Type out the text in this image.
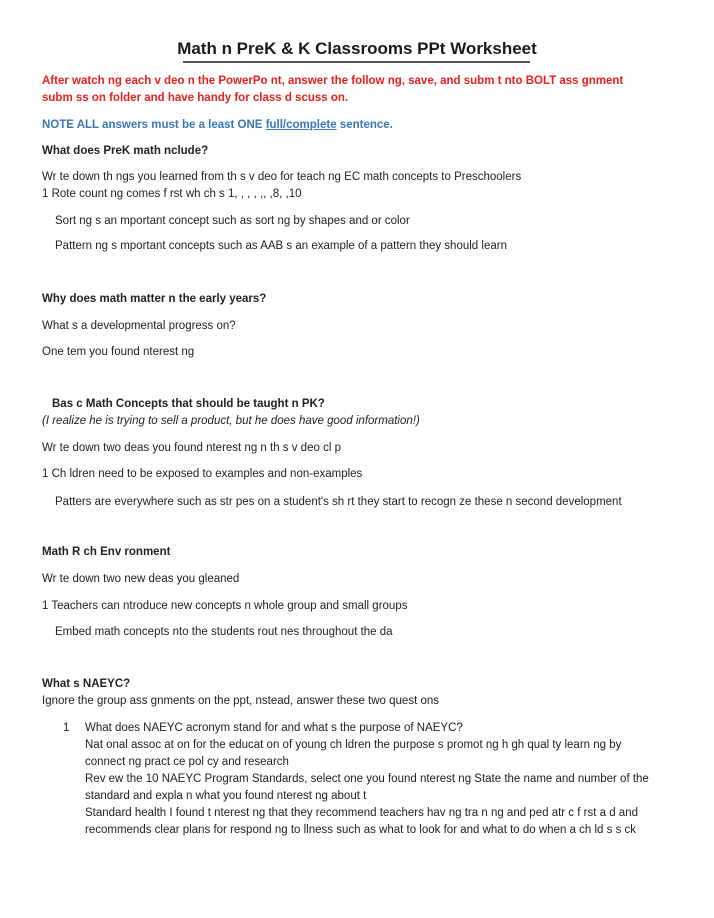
Math n PreK & K Classrooms PPt Worksheet
After watch ng each v deo n the PowerPo nt, answer the follow ng, save, and subm t nto BOLT ass gnment
subm ss on folder and have handy for class d scuss on.
NOTE ALL answers must be a least ONE full/complete sentence.
What does PreK math nclude?
Wr te down th ngs you learned from th s v deo for teach ng EC math concepts to Preschoolers
1 Rote count ng comes f rst wh ch s 1, , , , ,, ,8, ,10
Sort ng s an mportant concept such as sort ng by shapes and or color
Pattern ng s mportant concepts such as AAB s an example of a pattern they should learn
Why does math matter n the early years?
What s a developmental progress on?
One tem you found nterest ng
Bas c Math Concepts that should be taught n PK?
(I realize he is trying to sell a product, but he does have good information!)
Wr te down two deas you found nterest ng n th s v deo cl p
1 Ch ldren need to be exposed to examples and non-examples
Patters are everywhere such as str pes on a student's sh rt they start to recogn ze these n second development
Math R ch Env ronment
Wr te down two new deas you gleaned
1 Teachers can ntroduce new concepts n whole group and small groups
Embed math concepts nto the students rout nes throughout the da
What s NAEYC?
Ignore the group ass gnments on the ppt, nstead, answer these two quest ons
1 What does NAEYC acronym stand for and what s the purpose of NAEYC?
Nat onal assoc at on for the educat on of young ch ldren the purpose s promot ng h gh qual ty learn ng by
connect ng pract ce pol cy and research
Rev ew the 10 NAEYC Program Standards, select one you found nterest ng State the name and number of the
standard and expla n what you found nterest ng about t
Standard health I found t nterest ng that they recommend teachers hav ng tra n ng and ped atr c f rst a d and
recommends clear plans for respond ng to llness such as what to look for and what to do when a ch ld s s ck
